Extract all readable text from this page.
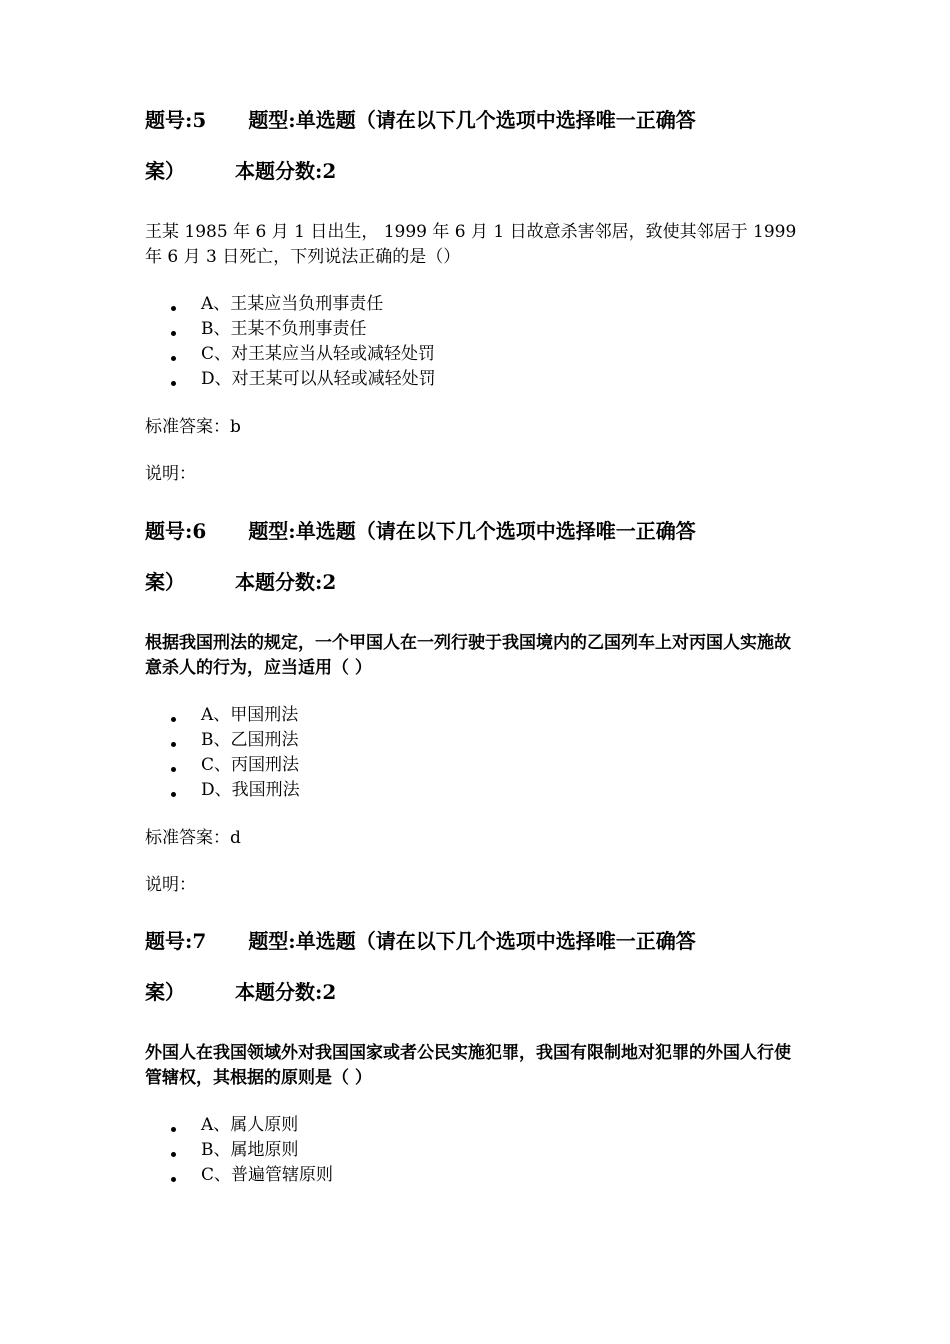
题号:5 题型:单选题（请在以下几个选项中选择唯一正确答
案）	本题分数:2
王某 1985 年 6 月 1 日出生， 1999 年 6 月 1 日故意杀害邻居，致使其邻居于 1999 年 6 月 3 日死亡，下列说法正确的是（）
A、王某应当负刑事责任
B、王某不负刑事责任
C、对王某应当从轻或减轻处罚
D、对王某可以从轻或减轻处罚
标准答案：b
说明：
题号:6 题型:单选题（请在以下几个选项中选择唯一正确答
案）	本题分数:2
根据我国刑法的规定，一个甲国人在一列行驶于我国境内的乙国列车上对丙国人实施故意杀人的行为，应当适用（ ）
A、甲国刑法
B、乙国刑法
C、丙国刑法
D、我国刑法
标准答案：d
说明：
题号:7 题型:单选题（请在以下几个选项中选择唯一正确答
案）	本题分数:2
外国人在我国领域外对我国国家或者公民实施犯罪，我国有限制地对犯罪的外国人行使管辖权，其根据的原则是（ ）
A、属人原则
B、属地原则
C、普遍管辖原则
